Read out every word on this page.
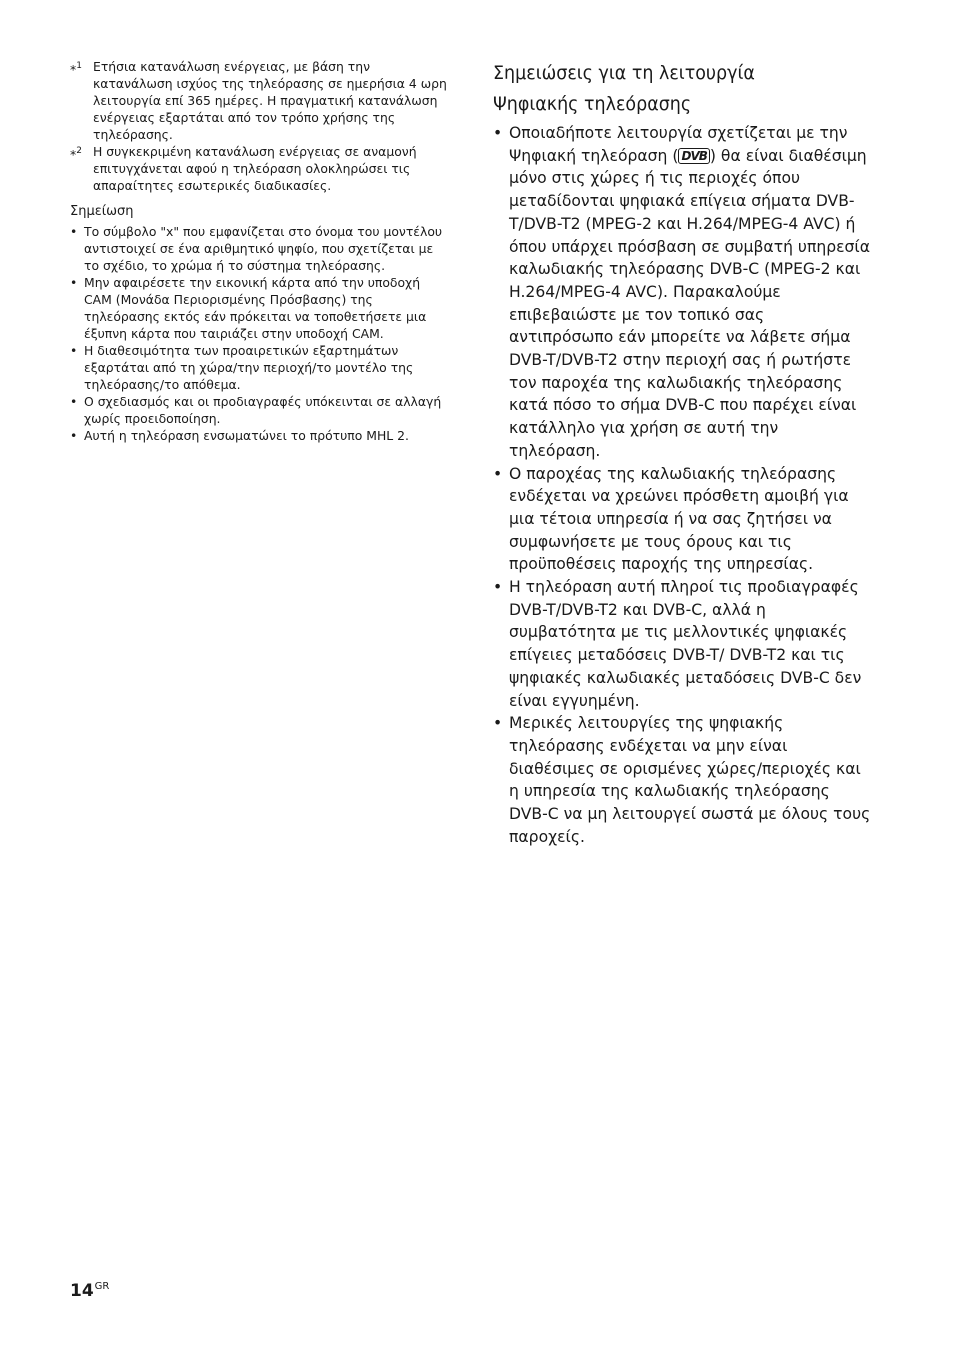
*$^1$ Ετήσια κατανάλωση ενέργειας, με βάση την κατανάλωση ισχύος της τηλεόρασης σε ημερήσια 4 ωρη λειτουργία επί 365 ημέρες. Η πραγματική κατανάλωση ενέργειας εξαρτάται από τον τρόπο χρήσης της τηλεόρασης.
*$^2$ Η συγκεκριμένη κατανάλωση ενέργειας σε αναμονή επιτυγχάνεται αφού η τηλεόραση ολοκληρώσει τις απαραίτητες εσωτερικές διαδικασίες.
Σημείωση
• Το σύμβολο "x" που εμφανίζεται στο όνομα του μοντέλου αντιστοιχεί σε ένα αριθμητικό ψηφίο, που σχετίζεται με το σχέδιο, το χρώμα ή το σύστημα τηλεόρασης.
• Μην αφαιρέσετε την εικονική κάρτα από την υποδοχή CAM (Μονάδα Περιορισμένης Πρόσβασης) της τηλεόρασης εκτός εάν πρόκειται να τοποθετήσετε μια έξυπνη κάρτα που ταιριάζει στην υποδοχή CAM.
• Η διαθεσιμότητα των προαιρετικών εξαρτημάτων εξαρτάται από τη χώρα/την περιοχή/το μοντέλο της τηλεόρασης/το απόθεμα.
• Ο σχεδιασμός και οι προδιαγραφές υπόκεινται σε αλλαγή χωρίς προειδοποίηση.
• Αυτή η τηλεόραση ενσωματώνει το πρότυπο MHL 2.
Σημειώσεις για τη λειτουργία
Ψηφιακής τηλεόρασης
• Οποιαδήποτε λειτουργία σχετίζεται με την Ψηφιακή τηλεόραση ( DVB ) θα είναι διαθέσιμη μόνο στις χώρες ή τις περιοχές όπου μεταδίδονται ψηφιακά επίγεια σήματα DVB-T/DVB-T2 (MPEG-2 και H.264/MPEG-4 AVC) ή όπου υπάρχει πρόσβαση σε συμβατή υπηρεσία καλωδιακής τηλεόρασης DVB-C (MPEG-2 και H.264/MPEG-4 AVC). Παρακαλούμε επιβεβαιώστε με τον τοπικό σας αντιπρόσωπο εάν μπορείτε να λάβετε σήμα DVB-T/DVB-T2 στην περιοχή σας ή ρωτήστε τον παροχέα της καλωδιακής τηλεόρασης κατά πόσο το σήμα DVB-C που παρέχει είναι κατάλληλο για χρήση σε αυτή την τηλεόραση.
• Ο παροχέας της καλωδιακής τηλεόρασης ενδέχεται να χρεώνει πρόσθετη αμοιβή για μια τέτοια υπηρεσία ή να σας ζητήσει να συμφωνήσετε με τους όρους και τις προϋποθέσεις παροχής της υπηρεσίας.
• Η τηλεόραση αυτή πληροί τις προδιαγραφές DVB-T/DVB-T2 και DVB-C, αλλά η συμβατότητα με τις μελλοντικές ψηφιακές επίγειες μεταδόσεις DVB-T/ DVB-T2 και τις ψηφιακές καλωδιακές μεταδόσεις DVB-C δεν είναι εγγυημένη.
• Μερικές λειτουργίες της ψηφιακής τηλεόρασης ενδέχεται να μην είναι διαθέσιμες σε ορισμένες χώρες/περιοχές και η υπηρεσία της καλωδιακής τηλεόρασης DVB-C να μη λειτουργεί σωστά με όλους τους παροχείς.
$14^{GR}$
